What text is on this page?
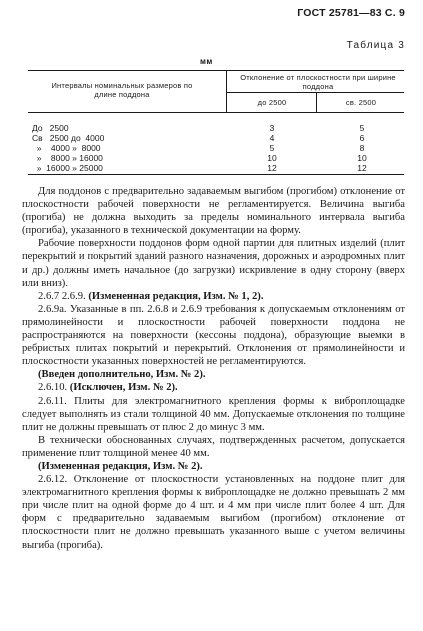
ГОСТ 25781—83 С. 9
Таблица 3
мм
Интервалы номинальных размеров по длине поддона
Отклонение от плоскостности при ширине поддона
до 2500	св. 2500
До   2500	3	5
Св   2500 до  4000	4	6
»    4000 »  8000	5	8
»    8000 » 16000	10	10
»  16000 » 25000	12	12

Для поддонов с предварительно задаваемым выгибом (прогибом) отклонение от плоскостности рабочей поверхности не регламентируется. Величина выгиба (прогиба) не должна выходить за пределы номинального интервала выгиба (прогиба), указанного в технической документации на форму.

Рабочие поверхности поддонов форм одной партии для плитных изделий (плит перекрытий и покрытий зданий разного назначения, дорожных и аэродромных плит и др.) должны иметь начальное (до загрузки) искривление в одну сторону (вверх или вниз).

2.6.7 2.6.9. (Измененная редакция, Изм. № 1, 2).

2.6.9а. Указанные в пп. 2.6.8 и 2.6.9 требования к допускаемым отклонениям от прямолинейности и плоскостности рабочей поверхности поддона не распространяются на поверхности (кессоны поддона), образующие выемки в ребристых плитах покрытий и перекрытий. Отклонения от прямолинейности и плоскостности указанных поверхностей не регламентируются.

(Введен дополнительно, Изм. № 2).

2.6.10. (Исключен, Изм. № 2).

2.6.11. Плиты для электромагнитного крепления формы к виброплощадке следует выполнять из стали толщиной 40 мм. Допускаемые отклонения по толщине плит не должны превышать от плюс 2 до минус 3 мм.

В технически обоснованных случаях, подтвержденных расчетом, допускается применение плит толщиной менее 40 мм.

(Измененная редакция, Изм. № 2).

2.6.12. Отклонение от плоскостности установленных на поддоне плит для электромагнитного крепления формы к виброплощадке не должно превышать 2 мм при числе плит на одной форме до 4 шт. и 4 мм при числе плит более 4 шт. Для форм с предварительно задаваемым выгибом (прогибом) отклонение от плоскостности плит не должно превышать указанного выше с учетом величины выгиба (прогиба).
